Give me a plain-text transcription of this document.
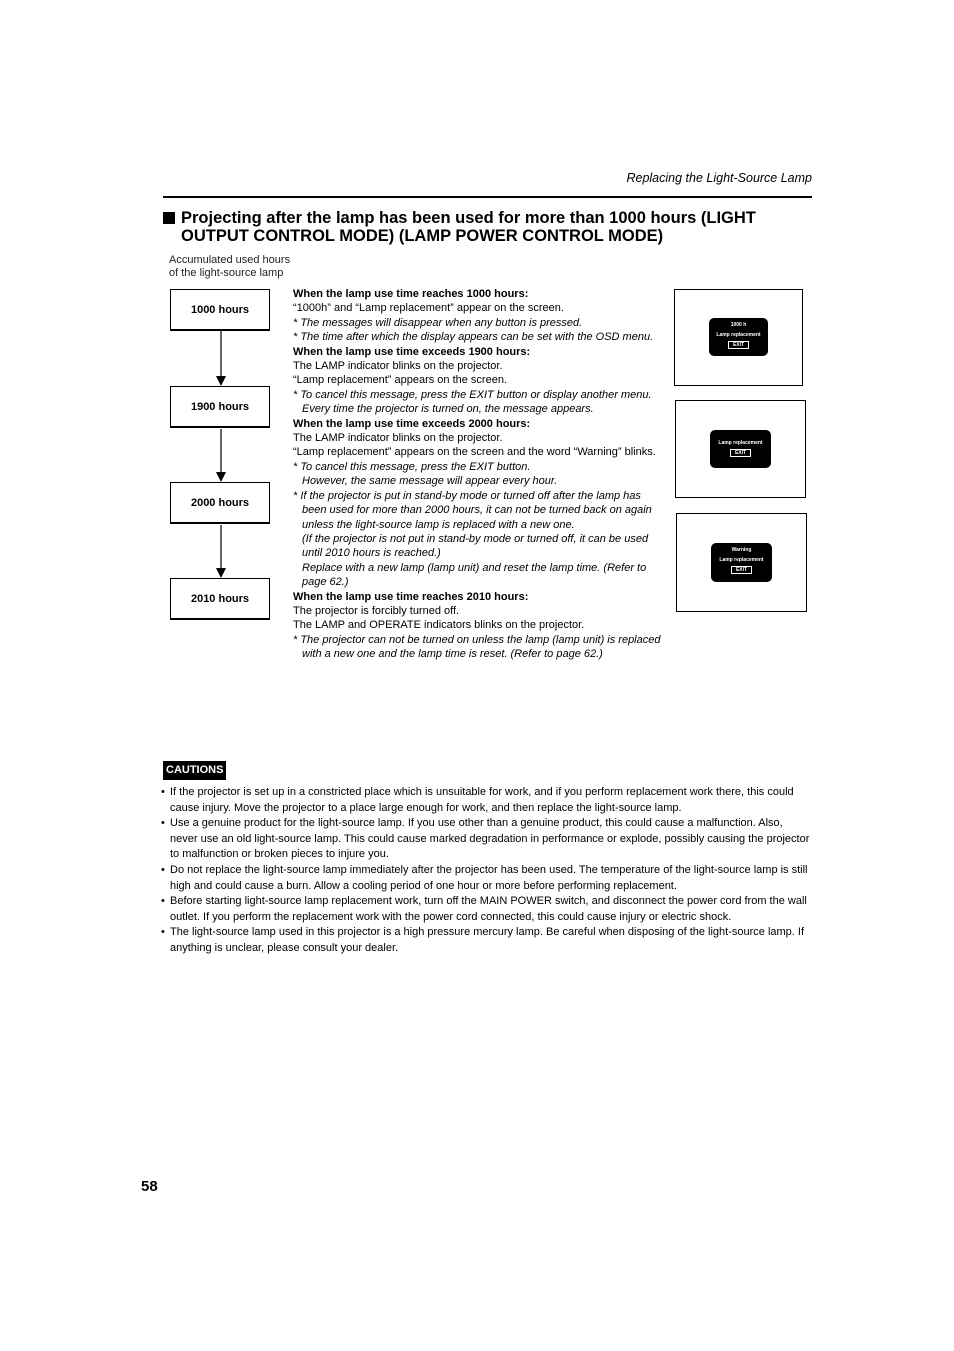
Replacing the Light-Source Lamp
Projecting after the lamp has been used for more than 1000 hours (LIGHT OUTPUT CONTROL MODE) (LAMP POWER CONTROL MODE)
Accumulated used hours
of the light-source lamp
1000 hours
1900 hours
2000 hours
2010 hours

When the lamp use time reaches 1000 hours:

“1000h” and “Lamp replacement” appear on the screen.

* The messages will disappear when any button is pressed.

* The time after which the display appears can be set with the OSD menu.

When the lamp use time exceeds 1900 hours:

The LAMP indicator blinks on the projector.

“Lamp replacement” appears on the screen.

* To cancel this message, press the EXIT button or display another menu.

Every time the projector is turned on, the message appears.

When the lamp use time exceeds 2000 hours:

The LAMP indicator blinks on the projector.

“Lamp replacement” appears on the screen and the word “Warning” blinks.

* To cancel this message, press the EXIT button.

However, the same message will appear every hour.

* If the projector is put in stand-by mode or turned off after the lamp has been used for more than 2000 hours, it can not be turned back on again unless the light-source lamp is replaced with a new one.

(If the projector is not put in stand-by mode or turned off, it can be used until 2010 hours is reached.)

Replace with a new lamp (lamp unit) and reset the lamp time. (Refer to page 62.)

When the lamp use time reaches 2010 hours:

The projector is forcibly turned off.

The LAMP and OPERATE indicators blinks on the projector.

* The projector can not be turned on unless the lamp (lamp unit) is replaced with a new one and the lamp time is reset. (Refer to page 62.)

1000 h
Lamp replacement
EXIT
Lamp replacement
EXIT
Warning
Lamp replacement
EXIT
CAUTIONS

• If the projector is set up in a constricted place which is unsuitable for work, and if you perform replacement work there, this could cause injury. Move the projector to a place large enough for work, and then replace the light-source lamp.

• Use a genuine product for the light-source lamp. If you use other than a genuine product, this could cause a malfunction. Also, never use an old light-source lamp. This could cause marked degradation in performance or explode, possibly causing the projector to malfunction or broken pieces to injure you.

• Do not replace the light-source lamp immediately after the projector has been used. The temperature of the light-source lamp is still high and could cause a burn. Allow a cooling period of one hour or more before performing replacement.

• Before starting light-source lamp replacement work, turn off the MAIN POWER switch, and disconnect the power cord from the wall outlet. If you perform the replacement work with the power cord connected, this could cause injury or electric shock.

• The light-source lamp used in this projector is a high pressure mercury lamp. Be careful when disposing of the light-source lamp. If anything is unclear, please consult your dealer.

58
